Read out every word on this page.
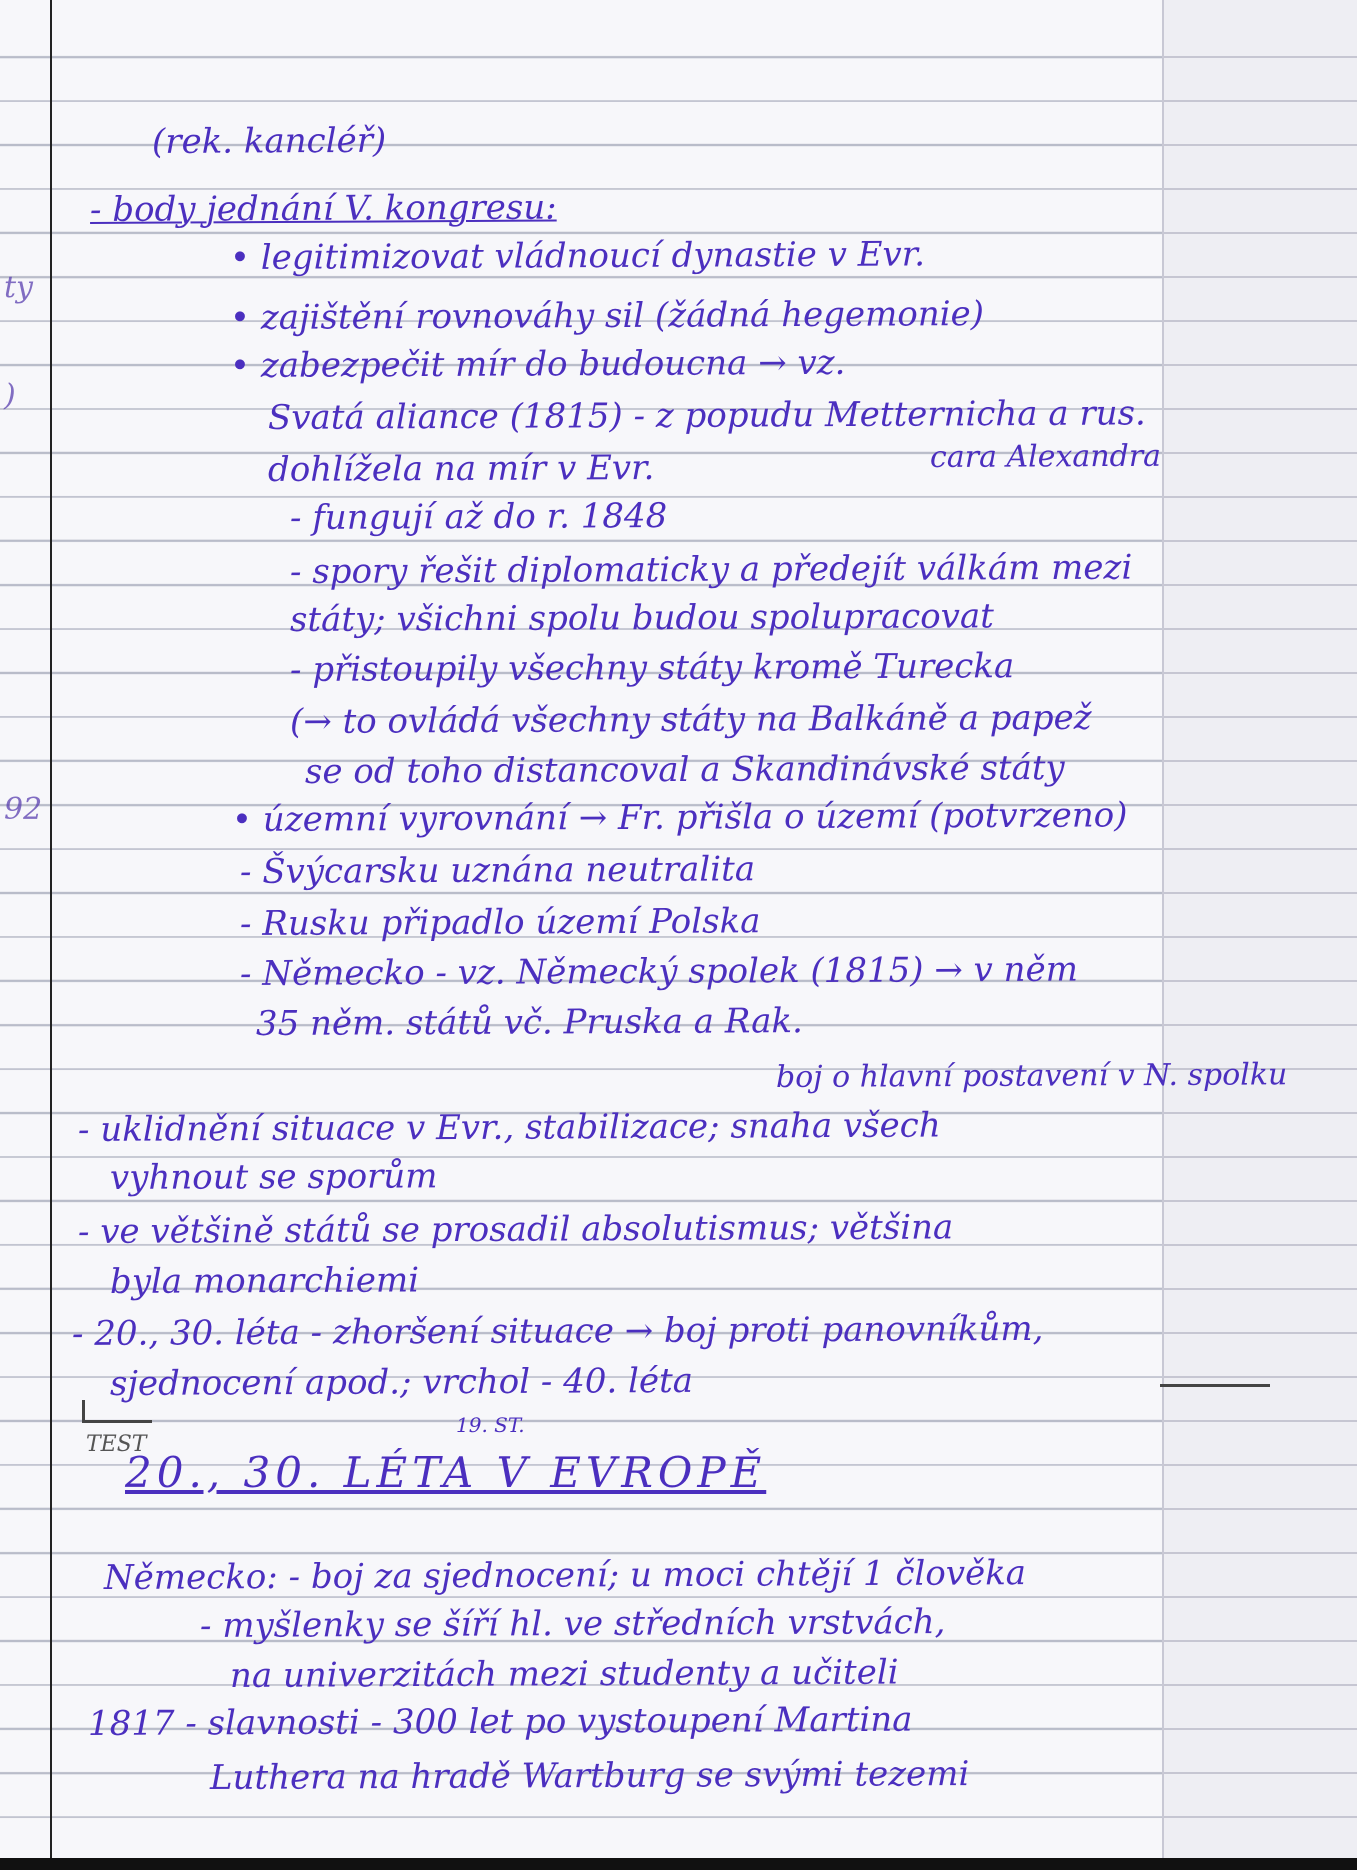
ty
)
92
(rek. kancléř)
- body jednání V. kongresu:
• legitimizovat vládnoucí dynastie v Evr.
• zajištění rovnováhy sil (žádná hegemonie)
• zabezpečit mír do budoucna → vz.
Svatá aliance (1815) - z popudu Metternicha a rus.
dohlížela na mír v Evr.	cara Alexandra
- fungují až do r. 1848
- spory řešit diplomaticky a předejít válkám mezi
státy; všichni spolu budou spolupracovat
- přistoupily všechny státy kromě Turecka
(→ to ovládá všechny státy na Balkáně a papež
se od toho distancoval a Skandinávské státy
• územní vyrovnání → Fr. přišla o území (potvrzeno)
- Švýcarsku uznána neutralita
- Rusku připadlo území Polska
- Německo - vz. Německý spolek (1815) → v něm
35 něm. států vč. Pruska a Rak.
boj o hlavní postavení v N. spolku
- uklidnění situace v Evr., stabilizace; snaha všech
vyhnout se sporům
- ve většině států se prosadil absolutismus; většina
byla monarchiemi
- 20., 30. léta - zhoršení situace → boj proti panovníkům,
sjednocení apod.; vrchol - 40. léta
TEST
19. ST.
20., 30. LÉTA V EVROPĚ
Německo: - boj za sjednocení; u moci chtějí 1 člověka
- myšlenky se šíří hl. ve středních vrstvách,
na univerzitách mezi studenty a učiteli
1817 - slavnosti - 300 let po vystoupení Martina
Luthera na hradě Wartburg se svými tezemi
